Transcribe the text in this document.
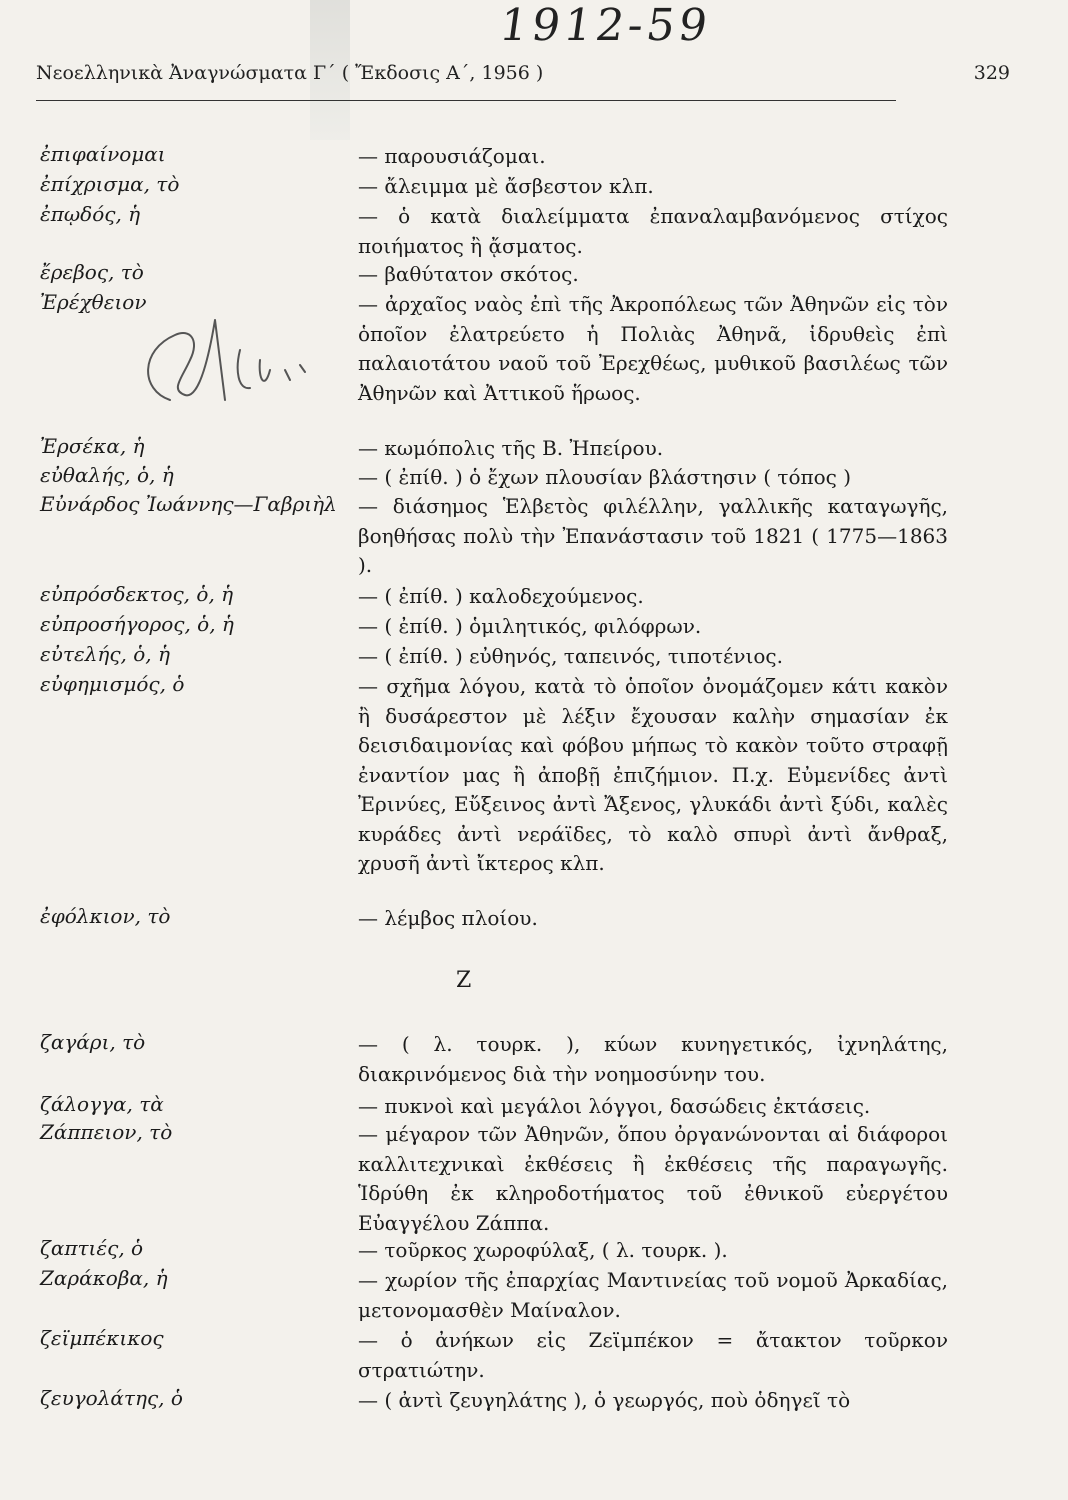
1912-59
Νεοελληνικὰ Ἀναγνώσματα Γ΄ ( Ἔκδοσις Α΄, 1956 )	329
ἐπιφαίνομαι	— παρουσιάζομαι.
ἐπίχρισμα, τὸ	— ἄλειμμα μὲ ἄσβεστον κλπ.
ἐπῳδός, ἡ	— ὁ κατὰ διαλείμματα ἐπαναλαμβανόμενος στίχος ποιήματος ἢ ᾄσματος.
ἔρεβος, τὸ	— βαθύτατον σκότος.
Ἐρέχθειον	— ἀρχαῖος ναὸς ἐπὶ τῆς Ἀκροπόλεως τῶν Ἀθηνῶν εἰς τὸν ὁποῖον ἐλατρεύετο ἡ Πολιὰς Ἀθηνᾶ, ἱδρυθεὶς ἐπὶ παλαιοτάτου ναοῦ τοῦ Ἐρεχθέως, μυθικοῦ βασιλέως τῶν Ἀθηνῶν καὶ Ἀττικοῦ ἥρωος.
Ἐρσέκα, ἡ	— κωμόπολις τῆς Β. Ἠπείρου.
εὐθαλής, ὁ, ἡ	— ( ἐπίθ. ) ὁ ἔχων πλουσίαν βλάστησιν ( τόπος )
Εὐνάρδος Ἰωάννης—Γαβριὴλ	— διάσημος Ἑλβετὸς φιλέλλην, γαλλικῆς καταγωγῆς, βοηθήσας πολὺ τὴν Ἐπανάστασιν τοῦ 1821 ( 1775—1863 ).
εὐπρόσδεκτος, ὁ, ἡ	— ( ἐπίθ. ) καλοδεχούμενος.
εὐπροσήγορος, ὁ, ἡ	— ( ἐπίθ. ) ὁμιλητικός, φιλόφρων.
εὐτελής, ὁ, ἡ	— ( ἐπίθ. ) εὐθηνός, ταπεινός, τιποτένιος.
εὐφημισμός, ὁ	— σχῆμα λόγου, κατὰ τὸ ὁποῖον ὀνομάζομεν κάτι κακὸν ἢ δυσάρεστον μὲ λέξιν ἔχουσαν καλὴν σημασίαν ἐκ δεισιδαιμονίας καὶ φόβου μήπως τὸ κακὸν τοῦτο στραφῇ ἐναντίον μας ἢ ἀποβῇ ἐπιζήμιον. Π.χ. Εὐμενίδες ἀντὶ Ἐρινύες, Εὔξεινος ἀντὶ Ἄξενος, γλυκάδι ἀντὶ ξύδι, καλὲς κυράδες ἀντὶ νεράϊδες, τὸ καλὸ σπυρὶ ἀντὶ ἄνθραξ, χρυσῆ ἀντὶ ἴκτερος κλπ.
ἐφόλκιον, τὸ	— λέμβος πλοίου.
Ζ
ζαγάρι, τὸ	— ( λ. τουρκ. ), κύων κυνηγετικός, ἰχνηλάτης, διακρινόμενος διὰ τὴν νοημοσύνην του.
ζάλογγα, τὰ	— πυκνοὶ καὶ μεγάλοι λόγγοι, δασώδεις ἐκτάσεις.
Ζάππειον, τὸ	— μέγαρον τῶν Ἀθηνῶν, ὅπου ὀργανώνονται αἱ διάφοροι καλλιτεχνικαὶ ἐκθέσεις ἢ ἐκθέσεις τῆς παραγωγῆς. Ἱδρύθη ἐκ κληροδοτήματος τοῦ ἐθνικοῦ εὐεργέτου Εὐαγγέλου Ζάππα.
ζαπτιές, ὁ	— τοῦρκος χωροφύλαξ, ( λ. τουρκ. ).
Ζαράκοβα, ἡ	— χωρίον τῆς ἐπαρχίας Μαντινείας τοῦ νομοῦ Ἀρκαδίας, μετονομασθὲν Μαίναλον.
ζεϊμπέκικος	— ὁ ἀνήκων εἰς Ζεϊμπέκον = ἄτακτον τοῦρκον στρατιώτην.
ζευγολάτης, ὁ	— ( ἀντὶ ζευγηλάτης ), ὁ γεωργός, ποὺ ὁδηγεῖ τὸ
